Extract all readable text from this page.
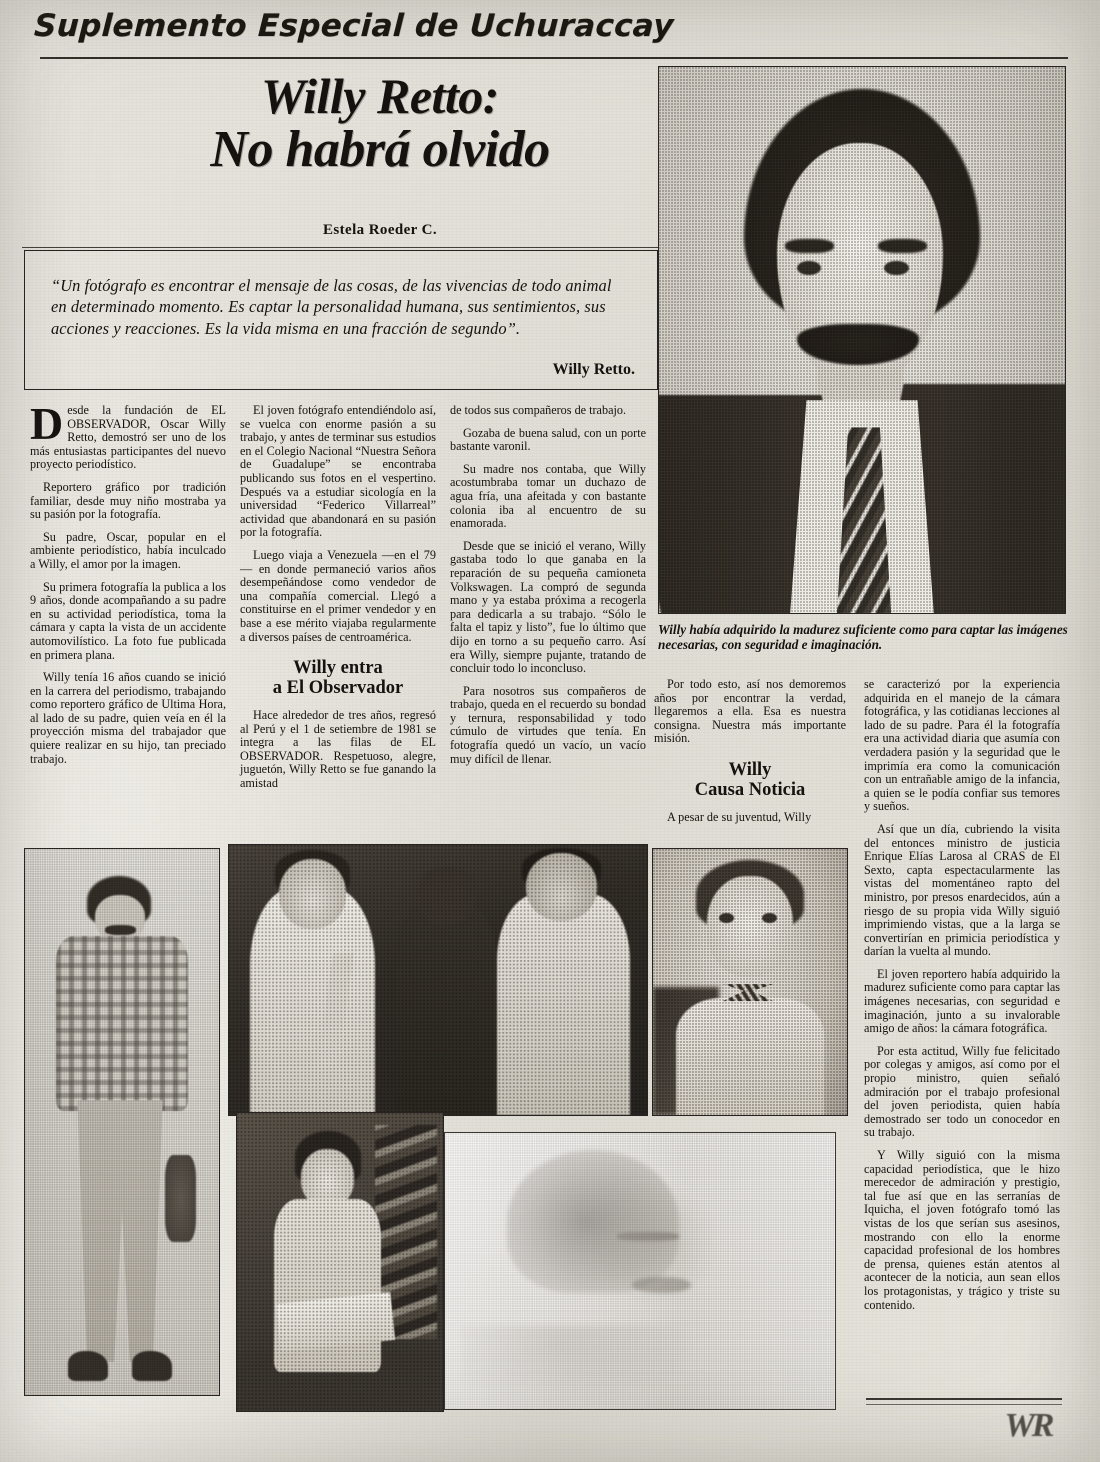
Suplemento Especial de Uchuraccay
Willy Retto:
No habrá olvido
Estela Roeder C.

“Un fotógrafo es encontrar el mensaje de las cosas, de las vivencias de todo animal en determinado momento. Es captar la personalidad humana, sus sentimientos, sus acciones y reacciones. Es la vida misma en una fracción de segundo”.

Willy Retto.
Willy había adquirido la madurez suficiente como para captar las imágenes necesarias, con seguridad e imaginación.

Desde la fundación de EL OBSERVADOR, Oscar Willy Retto, demostró ser uno de los más entusiastas participantes del nuevo proyecto periodístico.

Reportero gráfico por tradición familiar, desde muy niño mostraba ya su pasión por la fotografía.

Su padre, Oscar, popular en el ambiente periodístico, había inculcado a Willy, el amor por la imagen.

Su primera fotografía la publica a los 9 años, donde acompañando a su padre en su actividad periodística, toma la cámara y capta la vista de un accidente automovilístico. La foto fue publicada en primera plana.

Willy tenía 16 años cuando se inició en la carrera del periodismo, trabajando como reportero gráfico de Ultima Hora, al lado de su padre, quien veía en él la proyección misma del trabajador que quiere realizar en su hijo, tan preciado trabajo.

El joven fotógrafo entendiéndolo así, se vuelca con enorme pasión a su trabajo, y antes de terminar sus estudios en el Colegio Nacional “Nuestra Señora de Guadalupe” se encontraba publicando sus fotos en el vespertino. Después va a estudiar sicología en la universidad “Federico Villarreal” actividad que abandonará en su pasión por la fotografía.

Luego viaja a Venezuela —en el 79— en donde permaneció varios años desempeñándose como vendedor de una compañía comercial. Llegó a constituirse en el primer vendedor y en base a ese mérito viajaba regularmente a diversos países de centroamérica.

Willy entra
a El Observador

Hace alrededor de tres años, regresó al Perú y el 1 de setiembre de 1981 se integra a las filas de EL OBSERVADOR. Respetuoso, alegre, juguetón, Willy Retto se fue ganando la amistad

de todos sus compañeros de trabajo.

Gozaba de buena salud, con un porte bastante varonil.

Su madre nos contaba, que Willy acostumbraba tomar un duchazo de agua fría, una afeitada y con bastante colonia iba al encuentro de su enamorada.

Desde que se inició el verano, Willy gastaba todo lo que ganaba en la reparación de su pequeña camioneta Volkswagen. La compró de segunda mano y ya estaba próxima a recogerla para dedicarla a su trabajo. “Sólo le falta el tapiz y listo”, fue lo último que dijo en torno a su pequeño carro. Así era Willy, siempre pujante, tratando de concluir todo lo inconcluso.

Para nosotros sus compañeros de trabajo, queda en el recuerdo su bondad y ternura, responsabilidad y todo cúmulo de virtudes que tenía. En fotografía quedó un vacío, un vacío muy difícil de llenar.

Por todo esto, así nos demoremos años por encontrar la verdad, llegaremos a ella. Esa es nuestra consigna. Nuestra más importante misión.

Willy
Causa Noticia

A pesar de su juventud, Willy

se caracterizó por la experiencia adquirida en el manejo de la cámara fotográfica, y las cotidianas lecciones al lado de su padre. Para él la fotografía era una actividad diaria que asumía con verdadera pasión y la seguridad que le imprimía era como la comunicación con un entrañable amigo de la infancia, a quien se le podía confiar sus temores y sueños.

Así que un día, cubriendo la visita del entonces ministro de justicia Enrique Elías Larosa al CRAS de El Sexto, capta espectacularmente las vistas del momentáneo rapto del ministro, por presos enardecidos, aún a riesgo de su propia vida Willy siguió imprimiendo vistas, que a la larga se convertirían en primicia periodística y darían la vuelta al mundo.

El joven reportero había adquirido la madurez suficiente como para captar las imágenes necesarias, con seguridad e imaginación, junto a su invalorable amigo de años: la cámara fotográfica.

Por esta actitud, Willy fue felicitado por colegas y amigos, así como por el propio ministro, quien señaló admiración por el trabajo profesional del joven periodista, quien había demostrado ser todo un conocedor en su trabajo.

Y Willy siguió con la misma capacidad periodística, que le hizo merecedor de admiración y prestigio, tal fue así que en las serranías de Iquicha, el joven fotógrafo tomó las vistas de los que serían sus asesinos, mostrando con ello la enorme capacidad profesional de los hombres de prensa, quienes están atentos al acontecer de la noticia, aun sean ellos los protagonistas, y trágico y triste su contenido.

WR
